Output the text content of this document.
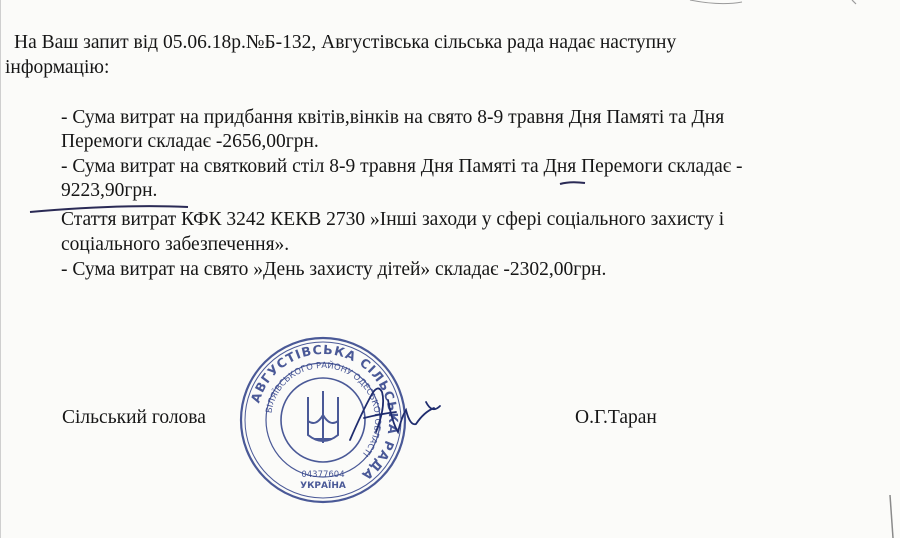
На Ваш запит від 05.06.18р.№Б-132, Августівська сільська рада надає наступну
інформацію:
- Сума витрат на придбання квітів,вінків на свято 8-9 травня Дня Памяті та Дня
Перемоги складає -2656,00грн.
- Сума витрат на святковий стіл 8-9 травня Дня Памяті та Дня Перемоги складає -
9223,90грн.
Стаття витрат КФК 3242 КЕКВ 2730 »Інші заходи у сфері соціального захисту і
соціального забезпечення».
- Сума витрат на свято »День захисту дітей» складає -2302,00грн.
Сільський голова	О.Г.Таран
АВГУСТІВСЬКА СІЛЬСЬКА РАДА
БІЛЯЇВСЬКОГО РАЙОНУ ОДЕСЬКОЇ ОБЛАСТІ
04377604
УКРАЇНА
